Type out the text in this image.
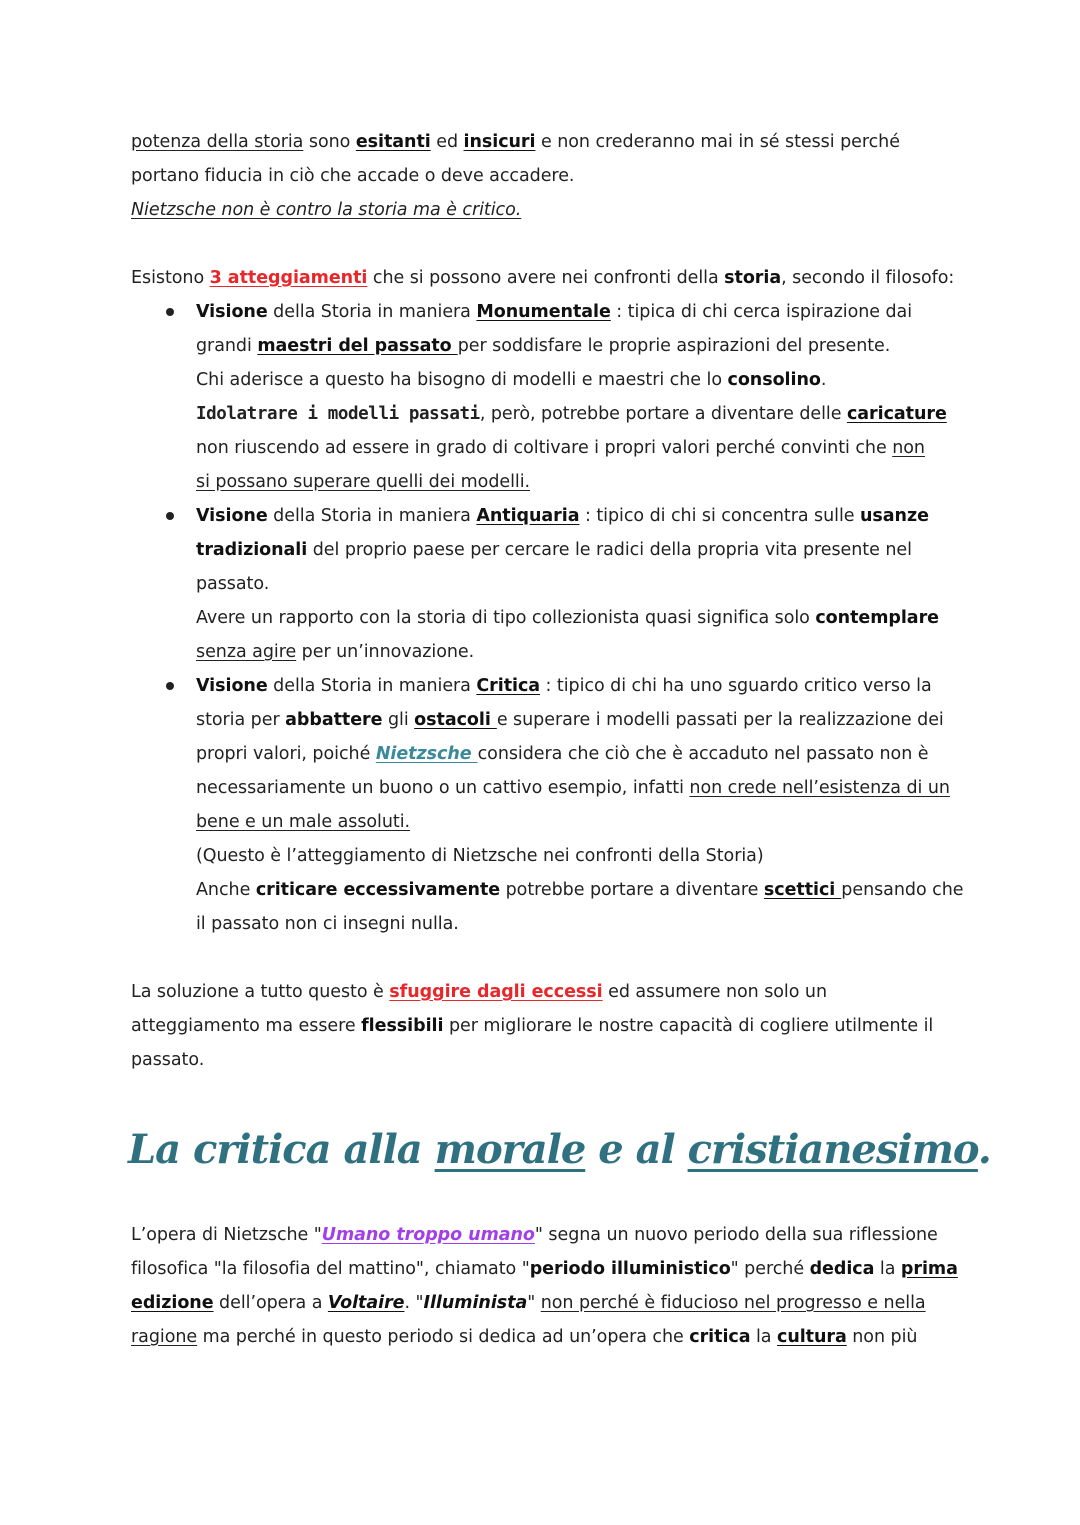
potenza della storia sono esitanti ed insicuri e non crederanno mai in sé stessi perché
portano fiducia in ciò che accade o deve accadere.
Nietzsche non è contro la storia ma è critico.
Esistono 3 atteggiamenti che si possono avere nei confronti della storia, secondo il filosofo:
Visione della Storia in maniera Monumentale : tipica di chi cerca ispirazione dai
grandi maestri del passato per soddisfare le proprie aspirazioni del presente.
Chi aderisce a questo ha bisogno di modelli e maestri che lo consolino.
Idolatrare i modelli passati, però, potrebbe portare a diventare delle caricature
non riuscendo ad essere in grado di coltivare i propri valori perché convinti che non
si possano superare quelli dei modelli.
Visione della Storia in maniera Antiquaria : tipico di chi si concentra sulle usanze
tradizionali del proprio paese per cercare le radici della propria vita presente nel
passato.
Avere un rapporto con la storia di tipo collezionista quasi significa solo contemplare
senza agire per un’innovazione.
Visione della Storia in maniera Critica : tipico di chi ha uno sguardo critico verso la
storia per abbattere gli ostacoli e superare i modelli passati per la realizzazione dei
propri valori, poiché Nietzsche considera che ciò che è accaduto nel passato non è
necessariamente un buono o un cattivo esempio, infatti non crede nell’esistenza di un
bene e un male assoluti.
(Questo è l’atteggiamento di Nietzsche nei confronti della Storia)
Anche criticare eccessivamente potrebbe portare a diventare scettici pensando che
il passato non ci insegni nulla.
La soluzione a tutto questo è sfuggire dagli eccessi ed assumere non solo un
atteggiamento ma essere flessibili per migliorare le nostre capacità di cogliere utilmente il
passato.
La critica alla morale e al cristianesimo.
L’opera di Nietzsche "Umano troppo umano" segna un nuovo periodo della sua riflessione
filosofica "la filosofia del mattino", chiamato "periodo illuministico" perché dedica la prima
edizione dell’opera a Voltaire. "Illuminista" non perché è fiducioso nel progresso e nella
ragione ma perché in questo periodo si dedica ad un’opera che critica la cultura non più
